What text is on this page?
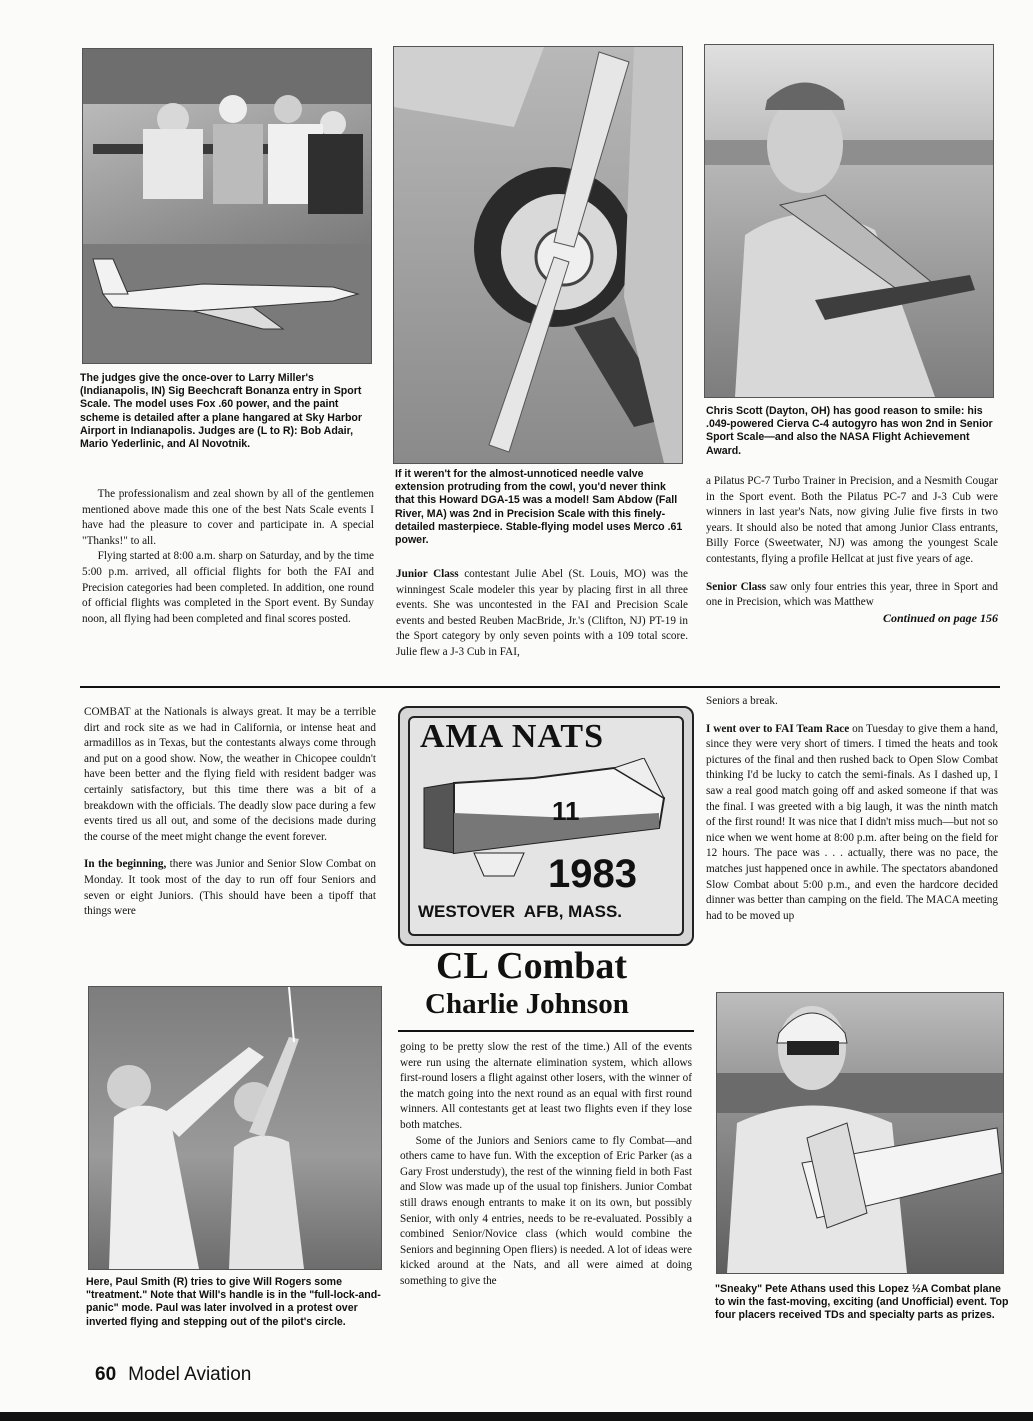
The judges give the once-over to Larry Miller's (Indianapolis, IN) Sig Beechcraft Bonanza entry in Sport Scale. The model uses Fox .60 power, and the paint scheme is detailed after a plane hangared at Sky Harbor Airport in Indianapolis. Judges are (L to R): Bob Adair, Mario Yederlinic, and Al Novotnik.
If it weren't for the almost-unnoticed needle valve extension protruding from the cowl, you'd never think that this Howard DGA-15 was a model! Sam Abdow (Fall River, MA) was 2nd in Precision Scale with this finely-detailed masterpiece. Stable-flying model uses Merco .61 power.
Chris Scott (Dayton, OH) has good reason to smile: his .049-powered Cierva C-4 autogyro has won 2nd in Senior Sport Scale—and also the NASA Flight Achievement Award.

The professionalism and zeal shown by all of the gentlemen mentioned above made this one of the best Nats Scale events I have had the pleasure to cover and participate in. A special "Thanks!" to all.

Flying started at 8:00 a.m. sharp on Saturday, and by the time 5:00 p.m. arrived, all official flights for both the FAI and Precision categories had been completed. In addition, one round of official flights was completed in the Sport event. By Sunday noon, all flying had been completed and final scores posted.

Junior Class contestant Julie Abel (St. Louis, MO) was the winningest Scale modeler this year by placing first in all three events. She was uncontested in the FAI and Precision Scale events and bested Reuben MacBride, Jr.'s (Clifton, NJ) PT-19 in the Sport category by only seven points with a 109 total score. Julie flew a J-3 Cub in FAI,

a Pilatus PC-7 Turbo Trainer in Precision, and a Nesmith Cougar in the Sport event. Both the Pilatus PC-7 and J-3 Cub were winners in last year's Nats, now giving Julie five firsts in two years. It should also be noted that among Junior Class entrants, Billy Force (Sweetwater, NJ) was among the youngest Scale contestants, flying a profile Hellcat at just five years of age.

Senior Class saw only four entries this year, three in Sport and one in Precision, which was Matthew

Continued on page 156

COMBAT at the Nationals is always great. It may be a terrible dirt and rock site as we had in California, or intense heat and armadillos as in Texas, but the contestants always come through and put on a good show. Now, the weather in Chicopee couldn't have been better and the flying field with resident badger was certainly satisfactory, but this time there was a bit of a breakdown with the officials. The deadly slow pace during a few events tired us all out, and some of the decisions made during the course of the meet might change the event forever.

In the beginning, there was Junior and Senior Slow Combat on Monday. It took most of the day to run off four Seniors and seven or eight Juniors. (This should have been a tipoff that things were

AMA NATS
11
1983
WESTOVER  AFB, MASS.
CL Combat
Charlie Johnson

going to be pretty slow the rest of the time.) All of the events were run using the alternate elimination system, which allows first-round losers a flight against other losers, with the winner of the match going into the next round as an equal with first round winners. All contestants get at least two flights even if they lose both matches.

Some of the Juniors and Seniors came to fly Combat—and others came to have fun. With the exception of Eric Parker (as a Gary Frost understudy), the rest of the winning field in both Fast and Slow was made up of the usual top finishers. Junior Combat still draws enough entrants to make it on its own, but possibly Senior, with only 4 entries, needs to be re-evaluated. Possibly a combined Senior/Novice class (which would combine the Seniors and beginning Open fliers) is needed. A lot of ideas were kicked around at the Nats, and all were aimed at doing something to give the

Seniors a break.

I went over to FAI Team Race on Tuesday to give them a hand, since they were very short of timers. I timed the heats and took pictures of the final and then rushed back to Open Slow Combat thinking I'd be lucky to catch the semi-finals. As I dashed up, I saw a real good match going off and asked someone if that was the final. I was greeted with a big laugh, it was the ninth match of the first round! It was nice that I didn't miss much—but not so nice when we went home at 8:00 p.m. after being on the field for 12 hours. The pace was . . . actually, there was no pace, the matches just happened once in awhile. The spectators abandoned Slow Combat about 5:00 p.m., and even the hardcore decided dinner was better than camping on the field. The MACA meeting had to be moved up

Here, Paul Smith (R) tries to give Will Rogers some "treatment." Note that Will's handle is in the "full-lock-and-panic" mode. Paul was later involved in a protest over inverted flying and stepping out of the pilot's circle.
"Sneaky" Pete Athans used this Lopez ½A Combat plane to win the fast-moving, exciting (and Unofficial) event. Top four placers received TDs and specialty parts as prizes.
60 Model Aviation
